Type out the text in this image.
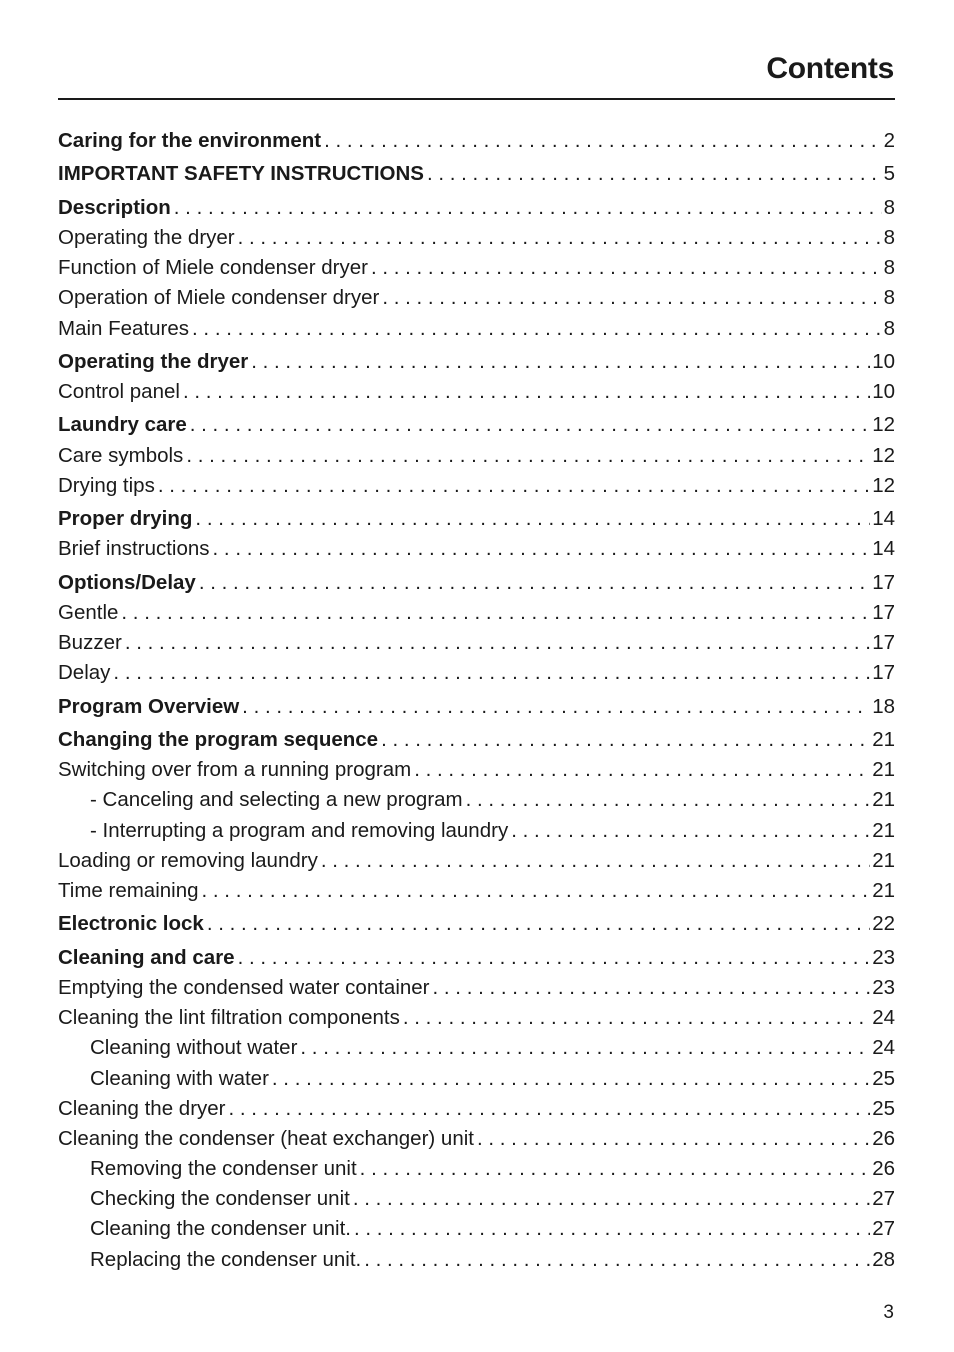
Contents
Caring for the environment . . .	2
IMPORTANT SAFETY INSTRUCTIONS . . .	5
Description . . .	8
Operating the dryer . . .	8
Function of Miele condenser dryer . . .	8
Operation of Miele condenser dryer . . .	8
Main Features . . .	8
Operating the dryer . . .	10
Control panel . . .	10
Laundry care . . .	12
Care symbols . . .	12
Drying tips . . .	12
Proper drying . . .	14
Brief instructions . . .	14
Options/Delay . . .	17
Gentle . . .	17
Buzzer . . .	17
Delay . . .	17
Program Overview . . .	18
Changing the program sequence . . .	21
Switching over from a running program . . .	21
- Canceling and selecting a new program . . .	21
- Interrupting a program and removing laundry . . .	21
Loading or removing laundry . . .	21
Time remaining . . .	21
Electronic lock . . .	22
Cleaning and care . . .	23
Emptying the condensed water container . . .	23
Cleaning the lint filtration components . . .	24
Cleaning without water . . .	24
Cleaning with water . . .	25
Cleaning the dryer . . .	25
Cleaning the condenser (heat exchanger) unit . . .	26
Removing the condenser unit . . .	26
Checking the condenser unit . . .	27
Cleaning the condenser unit. . . .	27
Replacing the condenser unit. . . .	28
3
